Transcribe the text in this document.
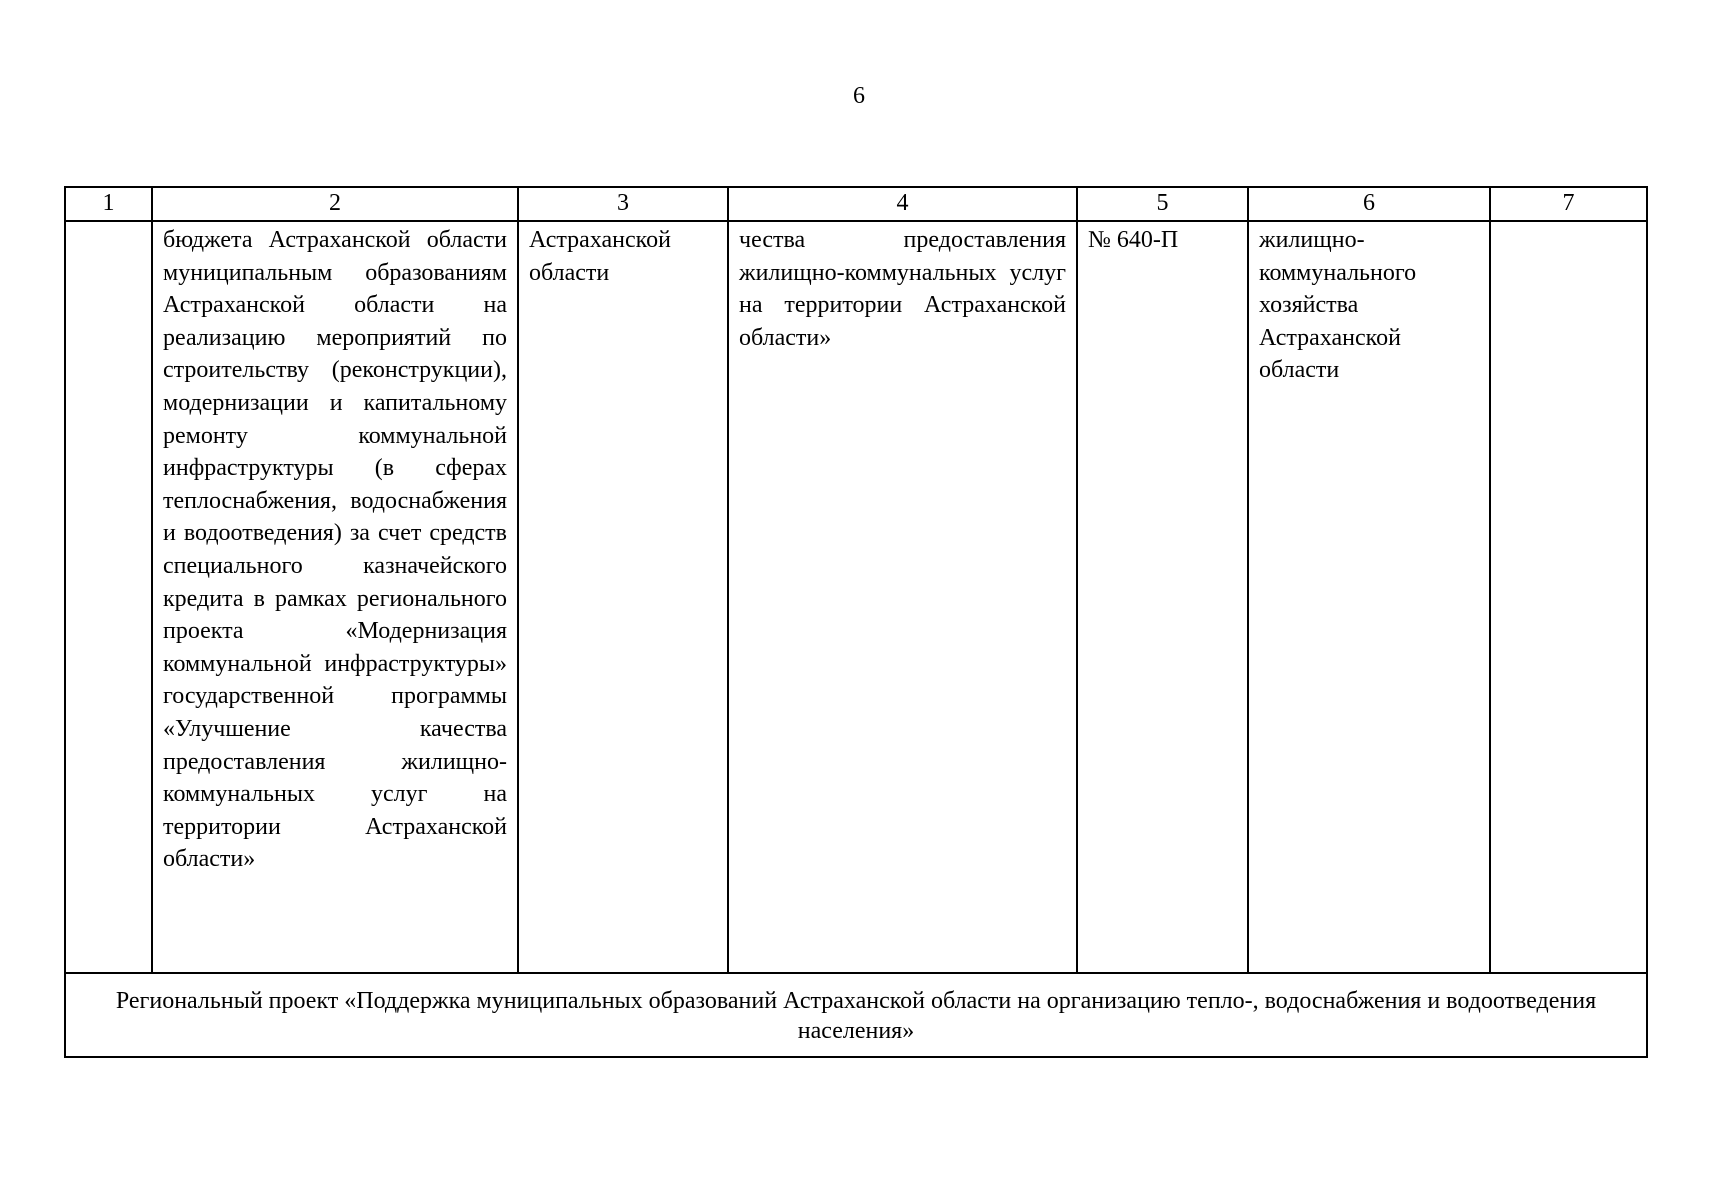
6
1	2	3	4	5	6	7

	бюджета Астраханской области муниципальным образованиям Астраханской области на реализацию мероприятий по строительству (реконструкции), модернизации и капитальному ремонту коммунальной инфраструктуры (в сферах теплоснабжения, водоснабжения и водоотведения) за счет средств специального казначейского кредита в рамках регионального проекта «Модернизация коммунальной инфраструктуры» государственной программы «Улучшение качества предоставления жилищно-коммунальных услуг на территории Астраханской области»	Астраханской области	чества предоставления жилищно-коммунальных услуг на территории Астраханской области»	№ 640-П	жилищно-коммунального хозяйства Астраханской области	

Региональный проект «Поддержка муниципальных образований Астраханской области на организацию тепло-, водоснабжения и водоотведения населения»						
